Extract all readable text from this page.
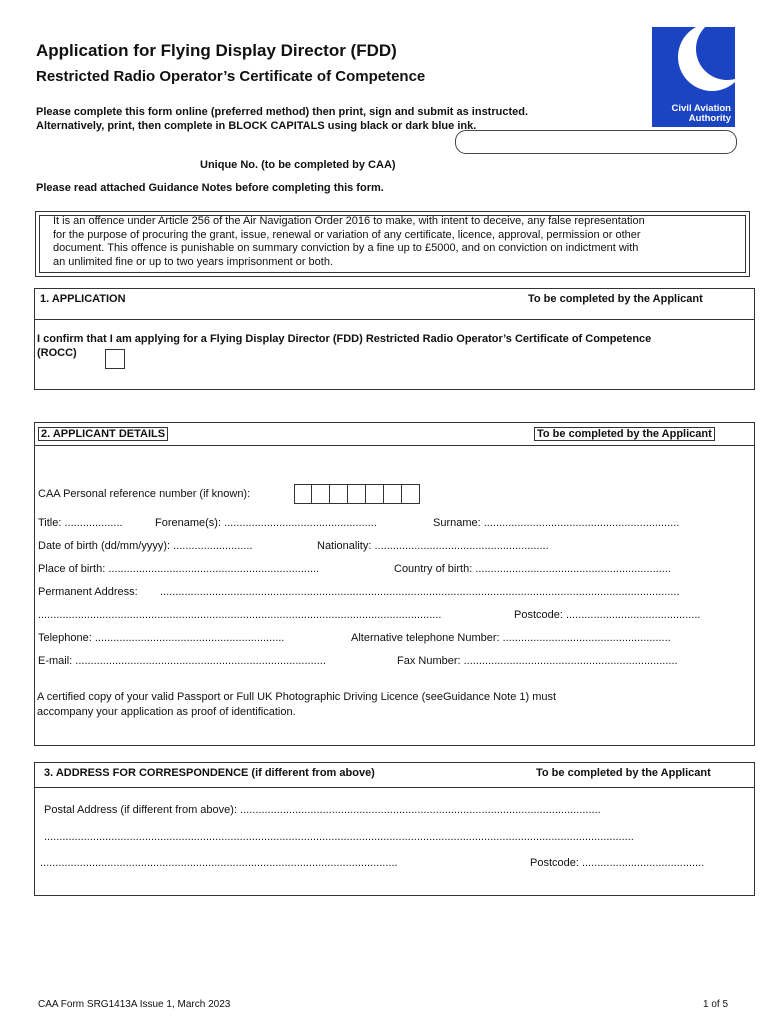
Application for Flying Display Director (FDD)
Restricted Radio Operator’s Certificate of Competence
Please complete this form online (preferred method) then print, sign and submit as instructed.
Alternatively, print, then complete in BLOCK CAPITALS using black or dark blue ink.
Civil Aviation
Authority
Unique No. (to be completed by CAA)
Please read attached Guidance Notes before completing this form.

It is an offence under Article 256 of the Air Navigation Order 2016 to make, with intent to deceive, any false representation

for the purpose of procuring the grant, issue, renewal or variation of any certificate, licence, approval, permission or other

document. This offence is punishable on summary conviction by a fine up to £5000, and on conviction on indictment with

an unlimited fine or up to two years imprisonment or both.

1. APPLICATION	To be completed by the Applicant
I confirm that I am applying for a Flying Display Director (FDD) Restricted Radio Operator’s Certificate of Competence
(ROCC)
2. APPLICANT DETAILS	To be completed by the Applicant
CAA Personal reference number (if known):
Title: ...................	Forename(s): ..................................................	Surname: ................................................................
Date of birth (dd/mm/yyyy): ..........................	Nationality: .........................................................
Place of birth: .....................................................................	Country of birth: ................................................................
Permanent Address: ..........................................................................................................................................................................
....................................................................................................................................	Postcode: ............................................
Telephone: ..............................................................	Alternative telephone Number: .......................................................
E-mail: ..................................................................................	Fax Number: ......................................................................
A certified copy of your valid Passport or Full UK Photographic Driving Licence (seeGuidance Note 1) must
accompany your application as proof of identification.
3. ADDRESS FOR CORRESPONDENCE (if different from above)	To be completed by the Applicant
Postal Address (if different from above): ......................................................................................................................
.................................................................................................................................................................................................
.....................................................................................................................	Postcode: ........................................
CAA Form SRG1413A Issue 1, March 2023	1 of 5
